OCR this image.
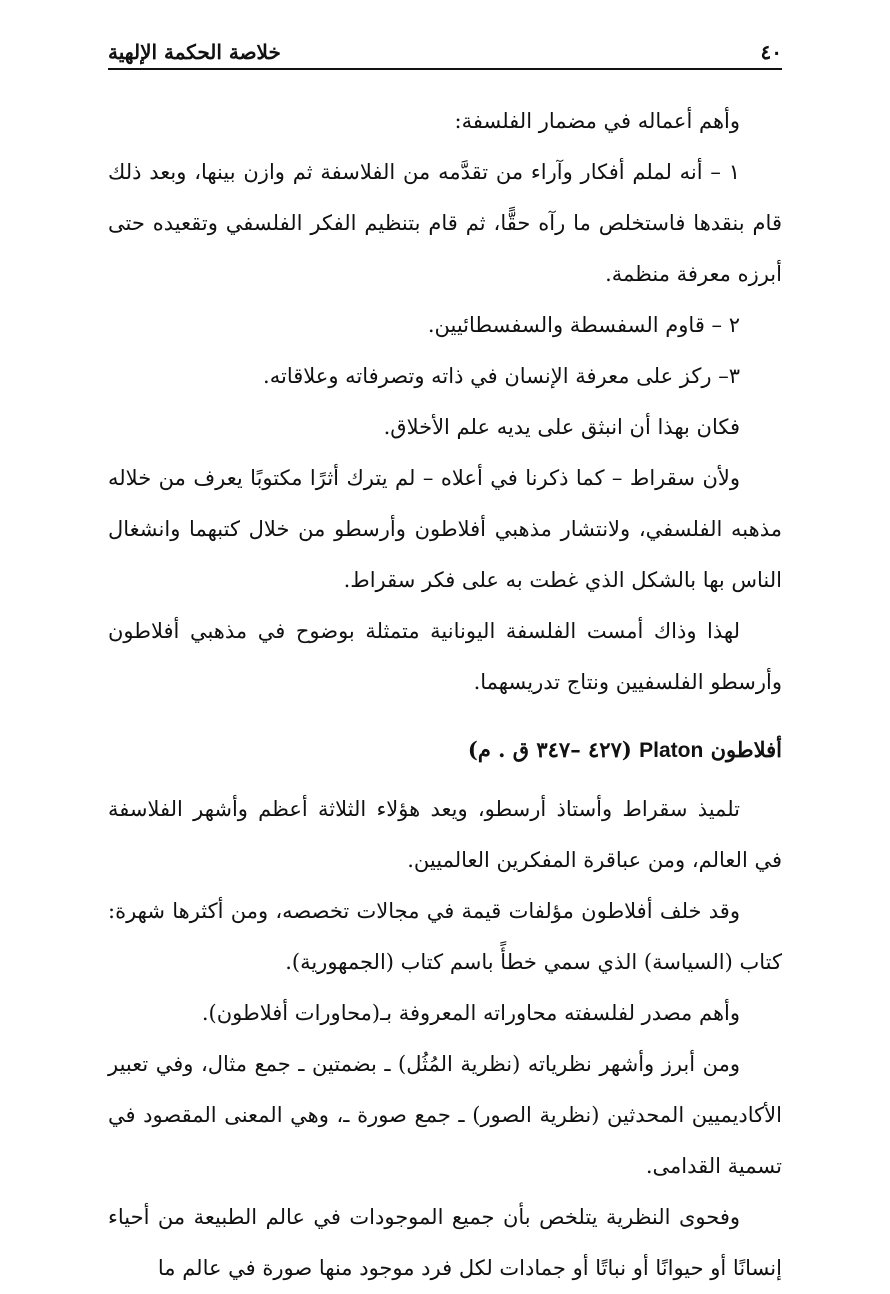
٤٠
خلاصة الحكمة الإلهية

وأهم أعماله في مضمار الفلسفة:

١ – أنه لملم أفكار وآراء من تقدَّمه من الفلاسفة ثم وازن بينها، وبعد ذلك قام بنقدها فاستخلص ما رآه حقًّا، ثم قام بتنظيم الفكر الفلسفي وتقعيده حتى أبرزه معرفة منظمة.

٢ – قاوم السفسطة والسفسطائيين.

٣– ركز على معرفة الإنسان في ذاته وتصرفاته وعلاقاته.

فكان بهذا أن انبثق على يديه علم الأخلاق.

ولأن سقراط – كما ذكرنا في أعلاه – لم يترك أثرًا مكتوبًا يعرف من خلاله مذهبه الفلسفي، ولانتشار مذهبي أفلاطون وأرسطو من خلال كتبهما وانشغال الناس بها بالشكل الذي غطت به على فكر سقراط.

لهذا وذاك أمست الفلسفة اليونانية متمثلة بوضوح في مذهبي أفلاطون وأرسطو الفلسفيين ونتاج تدريسهما.

أفلاطون Platon (٤٢٧ –٣٤٧ ق . م)

تلميذ سقراط وأستاذ أرسطو، ويعد هؤلاء الثلاثة أعظم وأشهر الفلاسفة في العالم، ومن عباقرة المفكرين العالميين.

وقد خلف أفلاطون مؤلفات قيمة في مجالات تخصصه، ومن أكثرها شهرة: كتاب (السياسة) الذي سمي خطأً باسم كتاب (الجمهورية).

وأهم مصدر لفلسفته محاوراته المعروفة بـ(محاورات أفلاطون).

ومن أبرز وأشهر نظرياته (نظرية المُثُل) ـ بضمتين ـ جمع مثال، وفي تعبير الأكاديميين المحدثين (نظرية الصور) ـ جمع صورة ـ، وهي المعنى المقصود في تسمية القدامى.

وفحوى النظرية يتلخص بأن جميع الموجودات في عالم الطبيعة من أحياء إنسانًا أو حيوانًا أو نباتًا أو جمادات لكل فرد موجود منها صورة في عالم ما
